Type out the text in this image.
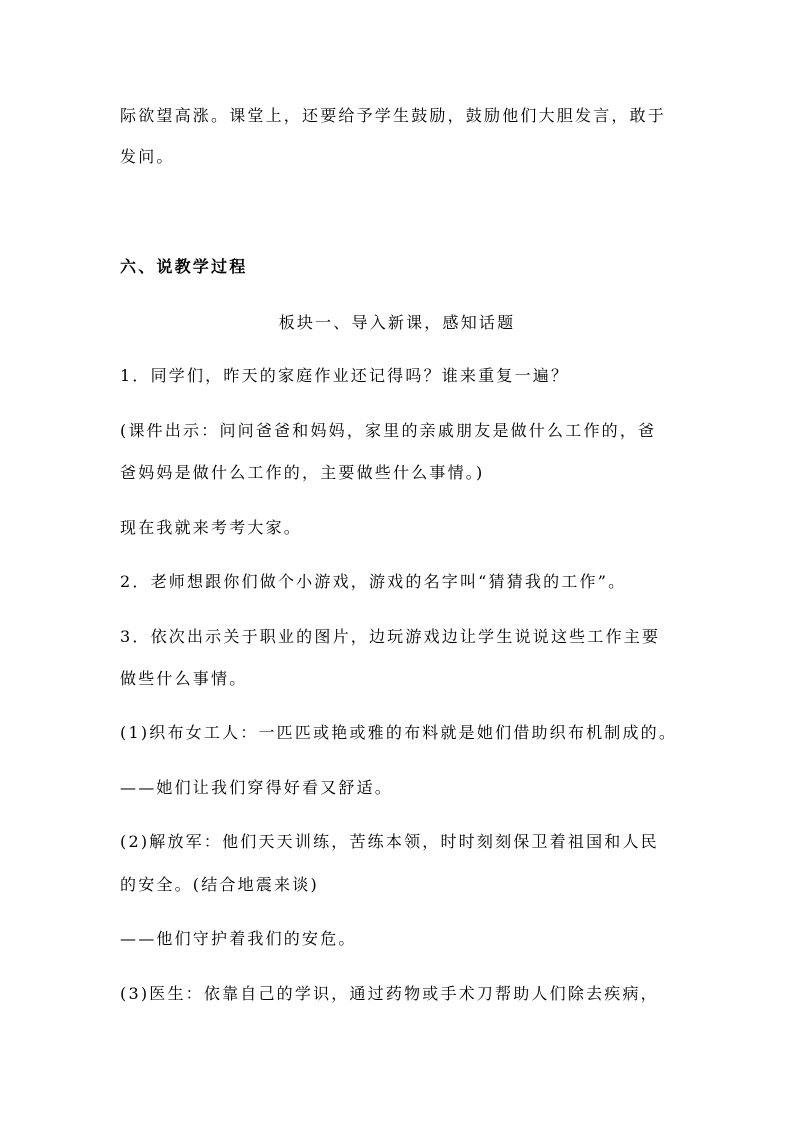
际欲望高涨。课堂上，还要给予学生鼓励，鼓励他们大胆发言，敢于
发问。
六、说教学过程
板块一、导入新课，感知话题
1．同学们，昨天的家庭作业还记得吗？谁来重复一遍？
(课件出示：问问爸爸和妈妈，家里的亲戚朋友是做什么工作的，爸
爸妈妈是做什么工作的，主要做些什么事情。)
现在我就来考考大家。
2．老师想跟你们做个小游戏，游戏的名字叫“猜猜我的工作”。
3．依次出示关于职业的图片，边玩游戏边让学生说说这些工作主要
做些什么事情。
(1)织布女工人：一匹匹或艳或雅的布料就是她们借助织布机制成的。
——她们让我们穿得好看又舒适。
(2)解放军：他们天天训练，苦练本领，时时刻刻保卫着祖国和人民
的安全。(结合地震来谈)
——他们守护着我们的安危。
(3)医生：依靠自己的学识，通过药物或手术刀帮助人们除去疾病，
